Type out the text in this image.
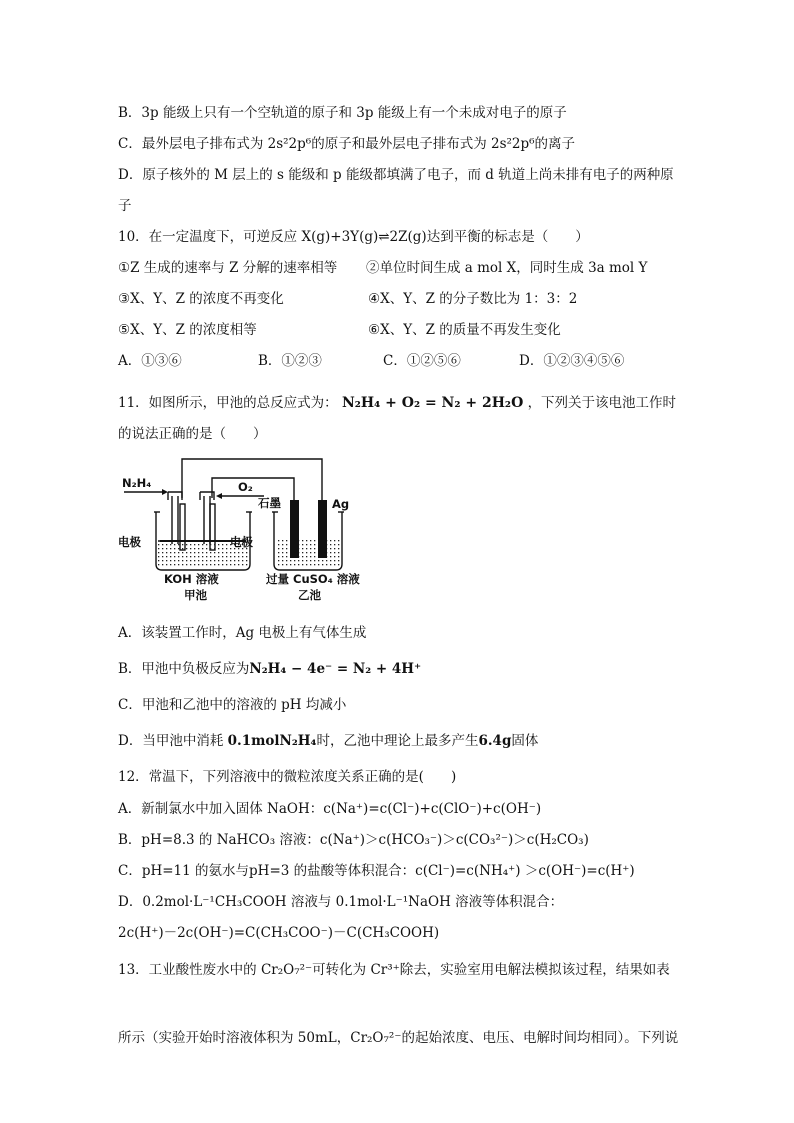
B．3p 能级上只有一个空轨道的原子和 3p 能级上有一个未成对电子的原子
C．最外层电子排布式为 2s²2p⁶的原子和最外层电子排布式为 2s²2p⁶的离子
D．原子核外的 M 层上的 s 能级和 p 能级都填满了电子，而 d 轨道上尚未排有电子的两种原
子
10．在一定温度下，可逆反应 X(g)+3Y(g)⇌2Z(g)达到平衡的标志是（　　）
①Z 生成的速率与 Z 分解的速率相等 ②单位时间生成 a mol X，同时生成 3a mol Y
③X、Y、Z 的浓度不再变化	④X、Y、Z 的分子数比为 1：3：2
⑤X、Y、Z 的浓度相等	⑥X、Y、Z 的质量不再发生变化
A．①③⑥	B．①②③	C．①②⑤⑥	D．①②③④⑤⑥
11．如图所示，甲池的总反应式为： N₂H₄ + O₂ = N₂ + 2H₂O ，下列关于该电池工作时
的说法正确的是（　　）
N₂H₄	O₂
石墨	Ag
电极	电极
KOH 溶液
甲池
过量 CuSO₄ 溶液
乙池
A．该装置工作时，Ag 电极上有气体生成
B．甲池中负极反应为N₂H₄ − 4e⁻ = N₂ + 4H⁺
C．甲池和乙池中的溶液的 pH 均减小
D．当甲池中消耗 0.1molN₂H₄时，乙池中理论上最多产生6.4g固体
12．常温下，下列溶液中的微粒浓度关系正确的是(　　)
A．新制氯水中加入固体 NaOH：c(Na⁺)=c(Cl⁻)+c(ClO⁻)+c(OH⁻)
B．pH=8.3 的 NaHCO₃ 溶液：c(Na⁺)＞c(HCO₃⁻)＞c(CO₃²⁻)＞c(H₂CO₃)
C．pH=11 的氨水与pH=3 的盐酸等体积混合：c(Cl⁻)=c(NH₄⁺) ＞c(OH⁻)=c(H⁺)
D．0.2mol·L⁻¹CH₃COOH 溶液与 0.1mol·L⁻¹NaOH 溶液等体积混合：
2c(H⁺)－2c(OH⁻)=C(CH₃COO⁻)－C(CH₃COOH)
13．工业酸性废水中的 Cr₂O₇²⁻可转化为 Cr³⁺除去，实验室用电解法模拟该过程，结果如表
所示（实验开始时溶液体积为 50mL，Cr₂O₇²⁻的起始浓度、电压、电解时间均相同）。下列说
